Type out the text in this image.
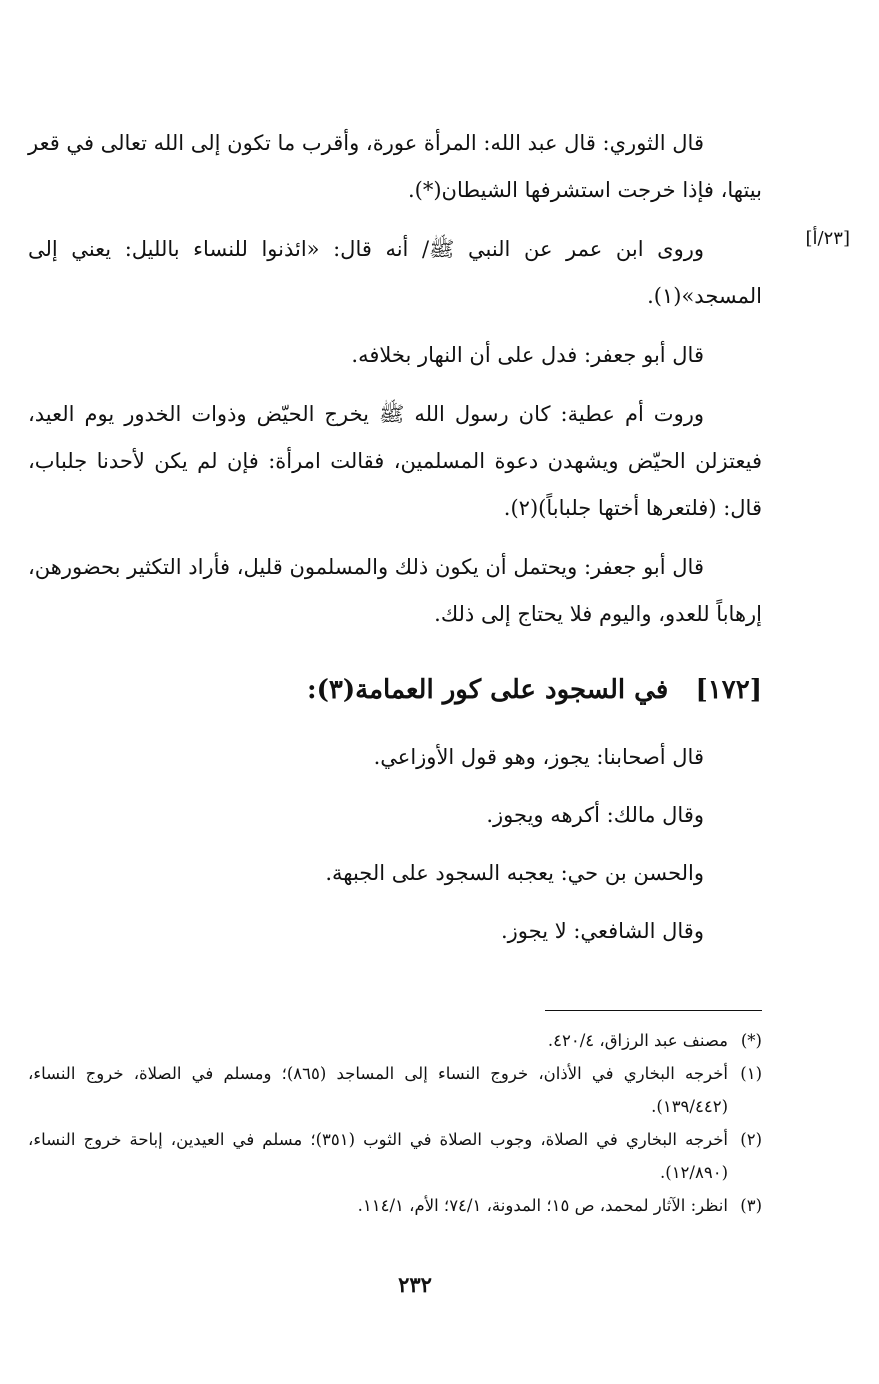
[٢٣/أ]

قال الثوري: قال عبد الله: المرأة عورة، وأقرب ما تكون إلى الله تعالى في قعر بيتها، فإذا خرجت استشرفها الشيطان(*).

وروى ابن عمر عن النبي ﷺ/ أنه قال: «ائذنوا للنساء بالليل: يعني إلى المسجد»(١).

قال أبو جعفر: فدل على أن النهار بخلافه.

وروت أم عطية: كان رسول الله ﷺ يخرج الحيّض وذوات الخدور يوم العيد، فيعتزلن الحيّض ويشهدن دعوة المسلمين، فقالت امرأة: فإن لم يكن لأحدنا جلباب، قال: (فلتعرها أختها جلباباً)(٢).

قال أبو جعفر: ويحتمل أن يكون ذلك والمسلمون قليل، فأراد التكثير بحضورهن، إرهاباً للعدو، واليوم فلا يحتاج إلى ذلك.

[١٧٢]   في السجود على كور العمامة(٣):
قال أصحابنا: يجوز، وهو قول الأوزاعي.
وقال مالك: أكرهه ويجوز.
والحسن بن حي: يعجبه السجود على الجبهة.
وقال الشافعي: لا يجوز.
(*)
مصنف عبد الرزاق، ٤٢٠/٤.
(١)
أخرجه البخاري في الأذان، خروج النساء إلى المساجد (٨٦٥)؛ ومسلم في الصلاة، خروج النساء، (١٣٩/٤٤٢).
(٢)
أخرجه البخاري في الصلاة، وجوب الصلاة في الثوب (٣٥١)؛ مسلم في العيدين، إباحة خروج النساء، (١٢/٨٩٠).
(٣)
انظر: الآثار لمحمد، ص ١٥؛ المدونة، ٧٤/١؛ الأم، ١١٤/١.
٢٣٢
